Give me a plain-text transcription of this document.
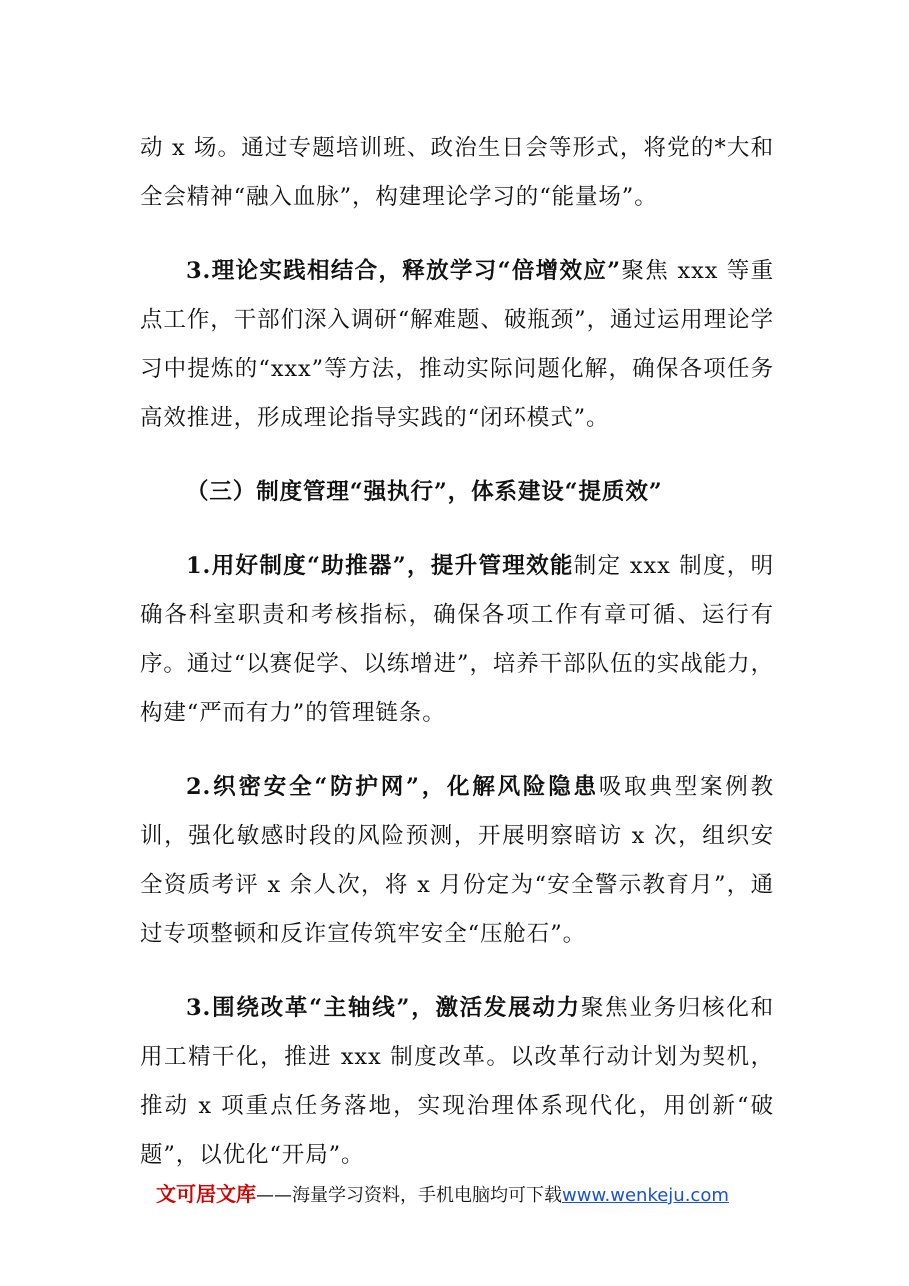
动 x 场。通过专题培训班、政治生日会等形式，将党的*大和全会精神“融入血脉”，构建理论学习的“能量场”。

3.理论实践相结合，释放学习“倍增效应”聚焦 xxx 等重点工作，干部们深入调研“解难题、破瓶颈”，通过运用理论学习中提炼的“xxx”等方法，推动实际问题化解，确保各项任务高效推进，形成理论指导实践的“闭环模式”。

（三）制度管理“强执行”，体系建设“提质效”

1.用好制度“助推器”，提升管理效能制定 xxx 制度，明确各科室职责和考核指标，确保各项工作有章可循、运行有序。通过“以赛促学、以练增进”，培养干部队伍的实战能力，构建“严而有力”的管理链条。

2.织密安全“防护网”，化解风险隐患吸取典型案例教训，强化敏感时段的风险预测，开展明察暗访 x 次，组织安全资质考评 x 余人次，将 x 月份定为“安全警示教育月”，通过专项整顿和反诈宣传筑牢安全“压舱石”。

3.围绕改革“主轴线”，激活发展动力聚焦业务归核化和用工精干化，推进 xxx 制度改革。以改革行动计划为契机，推动 x 项重点任务落地，实现治理体系现代化，用创新“破题”，以优化“开局”。

文可居文库——海量学习资料，手机电脑均可下载www.wenkeju.com
